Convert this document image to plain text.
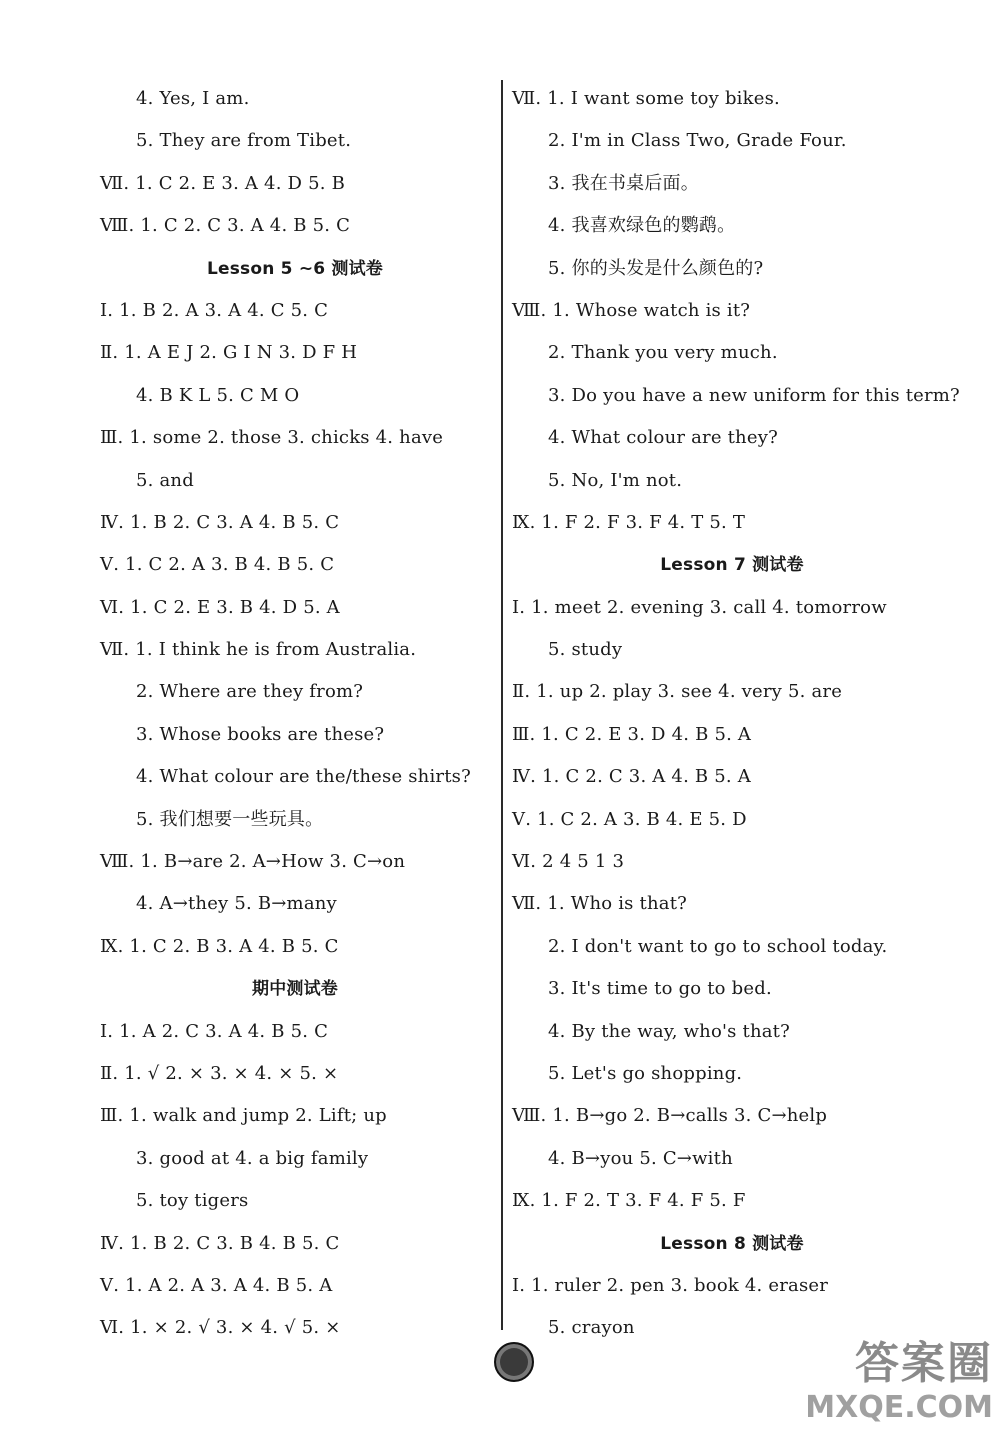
4. Yes, I am.
5. They are from Tibet.
Ⅶ. 1. C 2. E 3. A 4. D 5. B
Ⅷ. 1. C 2. C 3. A 4. B 5. C
Lesson 5 ~6 测试卷
Ⅰ. 1. B 2. A 3. A 4. C 5. C
Ⅱ. 1. A E J 2. G I N 3. D F H
4. B K L 5. C M O
Ⅲ. 1. some 2. those 3. chicks 4. have
5. and
Ⅳ. 1. B 2. C 3. A 4. B 5. C
Ⅴ. 1. C 2. A 3. B 4. B 5. C
Ⅵ. 1. C 2. E 3. B 4. D 5. A
Ⅶ. 1. I think he is from Australia.
2. Where are they from?
3. Whose books are these?
4. What colour are the/these shirts?
5. 我们想要一些玩具。
Ⅷ. 1. B→are 2. A→How 3. C→on
4. A→they 5. B→many
Ⅸ. 1. C 2. B 3. A 4. B 5. C
期中测试卷
Ⅰ. 1. A 2. C 3. A 4. B 5. C
Ⅱ. 1. √ 2. × 3. × 4. × 5. ×
Ⅲ. 1. walk and jump 2. Lift; up
3. good at 4. a big family
5. toy tigers
Ⅳ. 1. B 2. C 3. B 4. B 5. C
Ⅴ. 1. A 2. A 3. A 4. B 5. A
Ⅵ. 1. × 2. √ 3. × 4. √ 5. ×
Ⅶ. 1. I want some toy bikes.
2. I'm in Class Two, Grade Four.
3. 我在书桌后面。
4. 我喜欢绿色的鹦鹉。
5. 你的头发是什么颜色的?
Ⅷ. 1. Whose watch is it?
2. Thank you very much.
3. Do you have a new uniform for this term?
4. What colour are they?
5. No, I'm not.
Ⅸ. 1. F 2. F 3. F 4. T 5. T
Lesson 7 测试卷
Ⅰ. 1. meet 2. evening 3. call 4. tomorrow
5. study
Ⅱ. 1. up 2. play 3. see 4. very 5. are
Ⅲ. 1. C 2. E 3. D 4. B 5. A
Ⅳ. 1. C 2. C 3. A 4. B 5. A
Ⅴ. 1. C 2. A 3. B 4. E 5. D
Ⅵ. 2 4 5 1 3
Ⅶ. 1. Who is that?
2. I don't want to go to school today.
3. It's time to go to bed.
4. By the way, who's that?
5. Let's go shopping.
Ⅷ. 1. B→go 2. B→calls 3. C→help
4. B→you 5. C→with
Ⅸ. 1. F 2. T 3. F 4. F 5. F
Lesson 8 测试卷
Ⅰ. 1. ruler 2. pen 3. book 4. eraser
5. crayon
答案圈
MXQE.COM
